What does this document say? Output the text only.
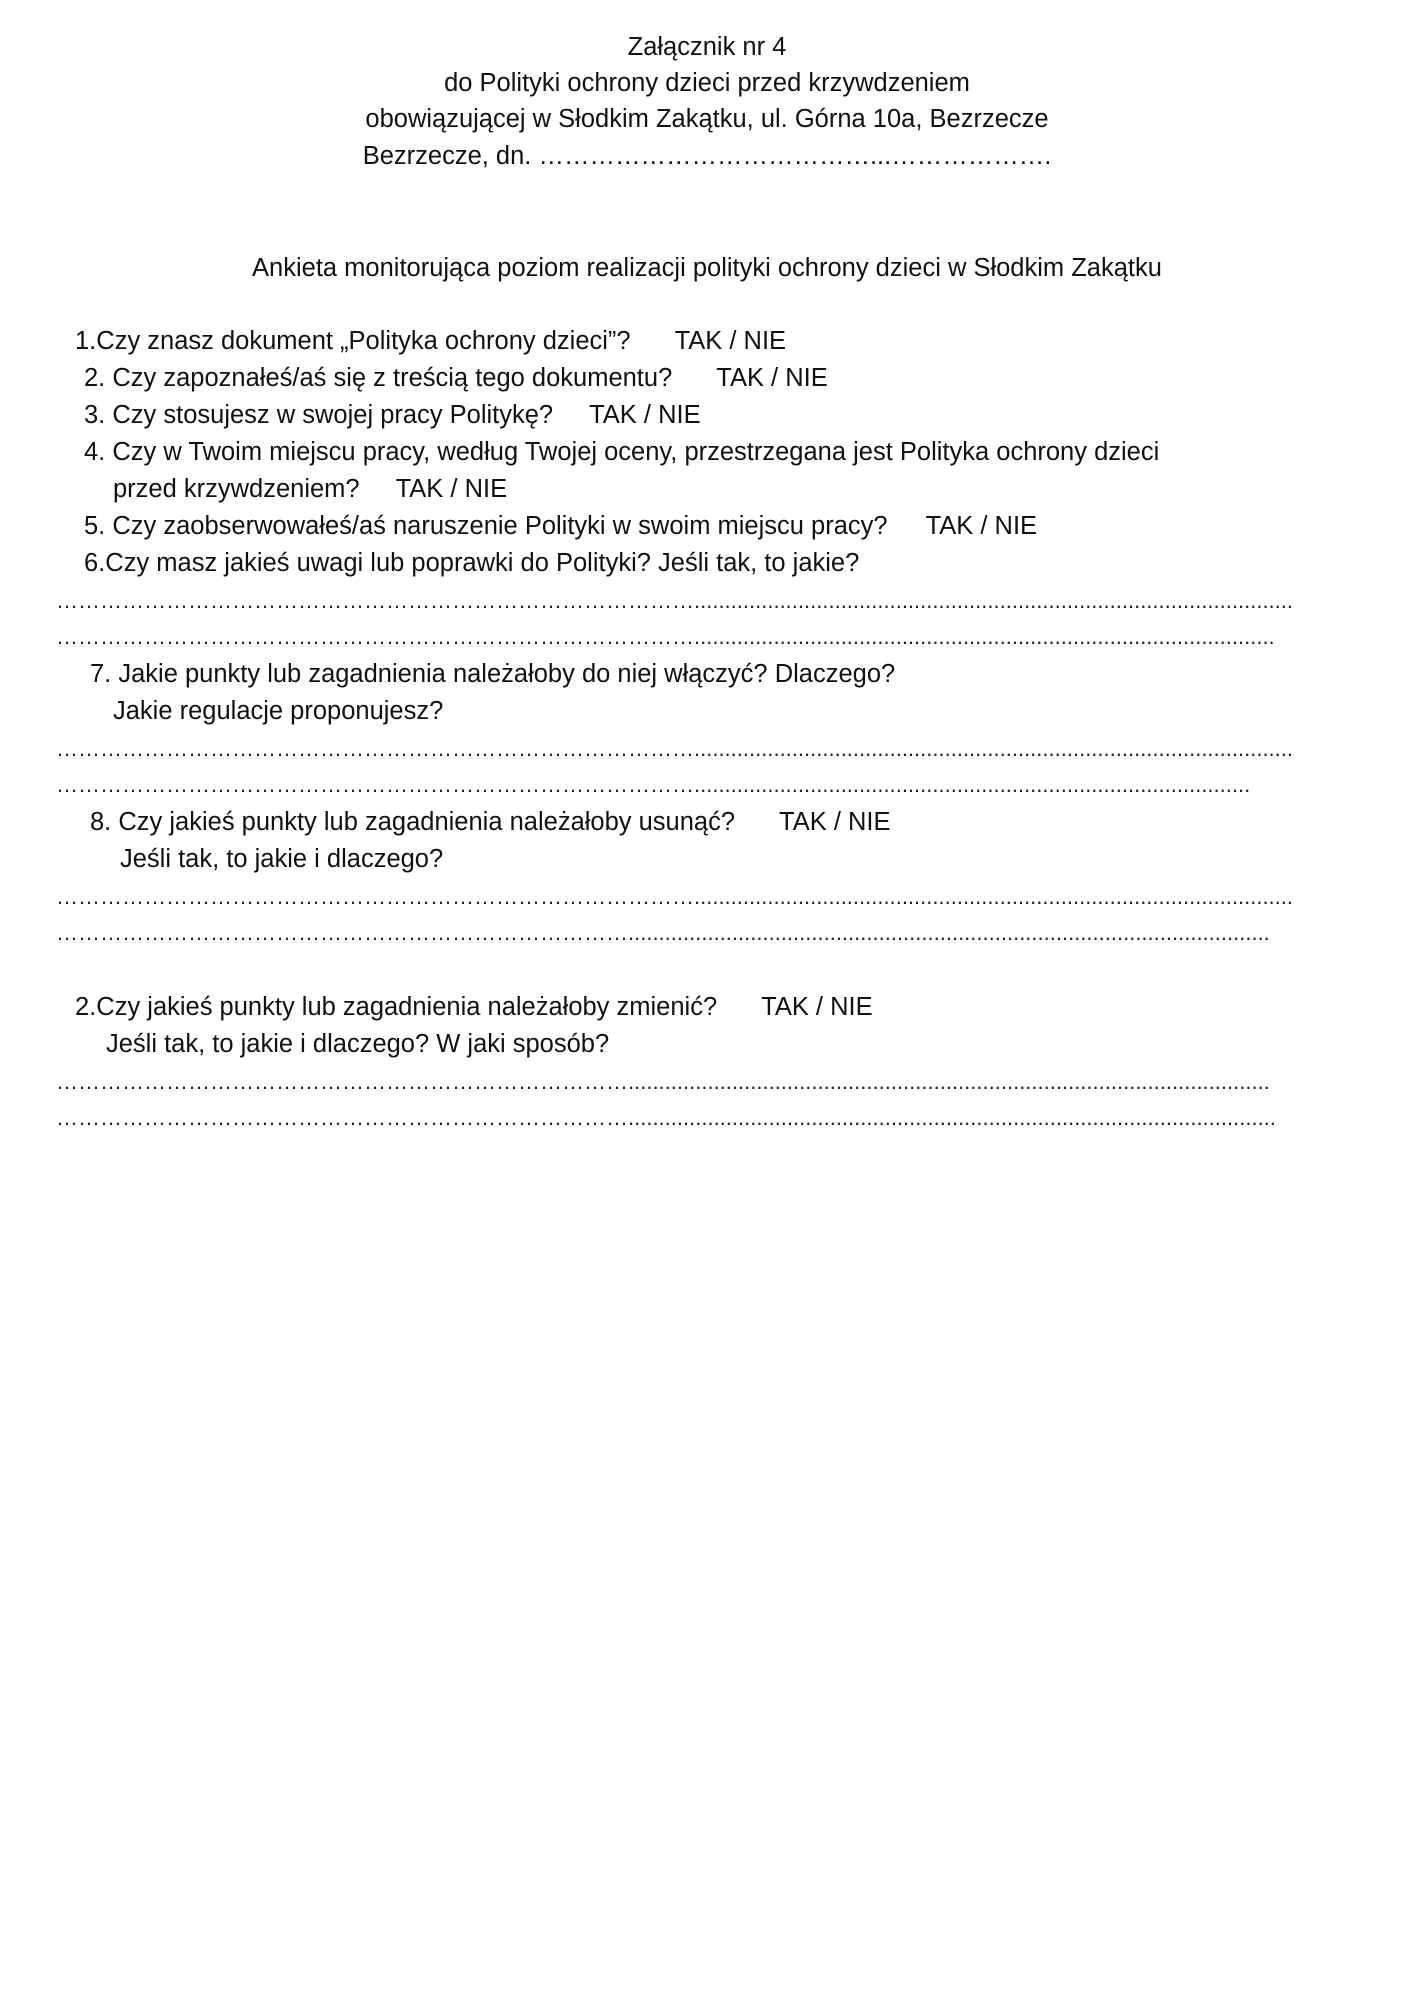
Załącznik nr 4
do Polityki ochrony dzieci przed krzywdzeniem
obowiązującej w Słodkim Zakątku, ul. Górna 10a, Bezrzecze
Bezrzecze, dn. …………………………………...……………….
Ankieta monitorująca poziom realizacji polityki ochrony dzieci w Słodkim Zakątku
1.Czy znasz dokument „Polityka ochrony dzieci”? TAK / NIE
2. Czy zapoznałeś/aś się z treścią tego dokumentu? TAK / NIE
3. Czy stosujesz w swojej pracy Politykę? TAK / NIE
4. Czy w Twoim miejscu pracy, według Twojej oceny, przestrzegana jest Polityka ochrony dzieci
przed krzywdzeniem? TAK / NIE
5. Czy zaobserwowałeś/aś naruszenie Polityki w swoim miejscu pracy? TAK / NIE
6.Czy masz jakieś uwagi lub poprawki do Polityki? Jeśli tak, to jakie?
……………………………………………………………………………..................................................................................................
……………………………………………………………………………...............................................................................................
7. Jakie punkty lub zagadnienia należałoby do niej włączyć? Dlaczego?
Jakie regulacje proponujesz?
……………………………………………………………………………..................................................................................................
……………………………………………………………………………...........................................................................................
8. Czy jakieś punkty lub zagadnienia należałoby usunąć? TAK / NIE
Jeśli tak, to jakie i dlaczego?
……………………………………………………………………………..................................................................................................
…………………………………………………………………….........................................................................................................
2.Czy jakieś punkty lub zagadnienia należałoby zmienić? TAK / NIE
Jeśli tak, to jakie i dlaczego? W jaki sposób?
…………………………………………………………………….........................................................................................................
……………………………………………………………………..........................................................................................................
